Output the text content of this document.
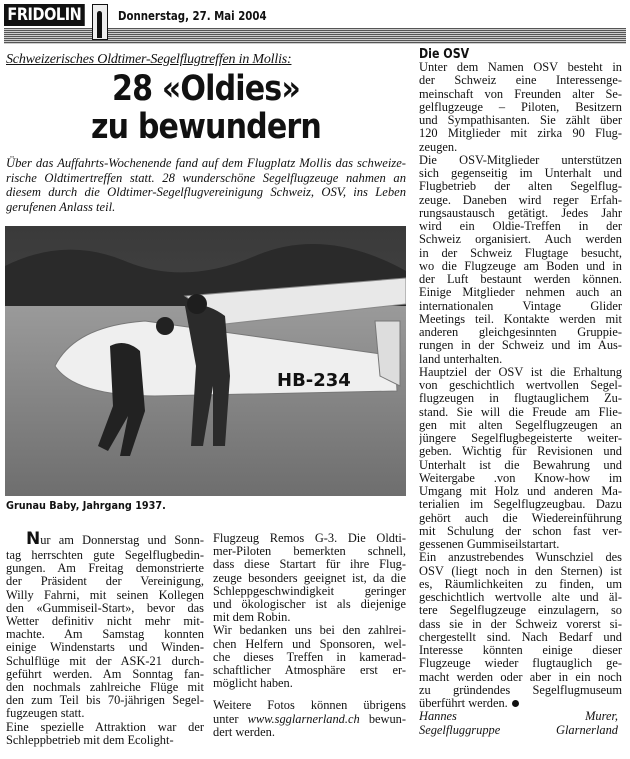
FRIDOLIN	Donnerstag, 27. Mai 2004
Schweizerisches Oldtimer-Segelflugtreffen in Mollis:
28 «Oldies»
zu bewundern
Über das Auffahrts-Wochenende fand auf dem Flugplatz Mollis das schweize-
rische Oldtimertreffen statt. 28 wunderschöne Segelflugzeuge nahmen an
diesem durch die Oldtimer-Segelflugvereinigung Schweiz, OSV, ins Leben
gerufenen Anlass teil.
HB-234
Grunau Baby, Jahrgang 1937.
Nur am Donnerstag und Sonn-
tag herrschten gute Segelflugbedin-
gungen. Am Freitag demonstrierte
der Präsident der Vereinigung,
Willy Fahrni, mit seinen Kollegen
den «Gummiseil-Start», bevor das
Wetter definitiv nicht mehr mit-
machte. Am Samstag konnten
einige Windenstarts und Winden-
Schulflüge mit der ASK-21 durch-
geführt werden. Am Sonntag fan-
den nochmals zahlreiche Flüge mit
den zum Teil bis 70-jährigen Segel-
fugzeugen statt.
Eine spezielle Attraktion war der
Schleppbetrieb mit dem Ecolight-
Flugzeug Remos G-3. Die Oldti-
mer-Piloten bemerkten schnell,
dass diese Startart für ihre Flug-
zeuge besonders geeignet ist, da die
Schleppgeschwindigkeit geringer
und ökologischer ist als diejenige
mit dem Robin.
Wir bedanken uns bei den zahlrei-
chen Helfern und Sponsoren, wel-
che dieses Treffen in kamerad-
schaftlicher Atmosphäre erst er-
möglicht haben.
Weitere Fotos können übrigens
unter www.sgglarnerland.ch bewun-
dert werden.
Die OSV
Unter dem Namen OSV besteht in
der Schweiz eine Interessenge-
meinschaft von Freunden alter Se-
gelflugzeuge – Piloten, Besitzern
und Sympathisanten. Sie zählt über
120 Mitglieder mit zirka 90 Flug-
zeugen.
Die OSV-Mitglieder unterstützen
sich gegenseitig im Unterhalt und
Flugbetrieb der alten Segelflug-
zeuge. Daneben wird reger Erfah-
rungsaustausch getätigt. Jedes Jahr
wird ein Oldie-Treffen in der
Schweiz organisiert. Auch werden
in der Schweiz Flugtage besucht,
wo die Flugzeuge am Boden und in
der Luft bestaunt werden können.
Einige Mitglieder nehmen auch an
internationalen Vintage Glider
Meetings teil. Kontakte werden mit
anderen gleichgesinnten Gruppie-
rungen in der Schweiz und im Aus-
land unterhalten.
Hauptziel der OSV ist die Erhaltung
von geschichtlich wertvollen Segel-
flugzeugen in flugtauglichem Zu-
stand. Sie will die Freude am Flie-
gen mit alten Segelflugzeugen an
jüngere Segelflugbegeisterte weiter-
geben. Wichtig für Revisionen und
Unterhalt ist die Bewahrung und
Weitergabe .von Know-how im
Umgang mit Holz und anderen Ma-
terialien im Segelflugzeugbau. Dazu
gehört auch die Wiedereinführung
mit Schulung der schon fast ver-
gessenen Gummiseilstartart.
Ein anzustrebendes Wunschziel des
OSV (liegt noch in den Sternen) ist
es, Räumlichkeiten zu finden, um
geschichtlich wertvolle alte und äl-
tere Segelflugzeuge einzulagern, so
dass sie in der Schweiz vorerst si-
chergestellt sind. Nach Bedarf und
Interesse könnten einige dieser
Flugzeuge wieder flugtauglich ge-
macht werden oder aber in ein noch
zu gründendes Segelflugmuseum
überführt werden.
Hannes Murer,
Segelfluggruppe Glarnerland
